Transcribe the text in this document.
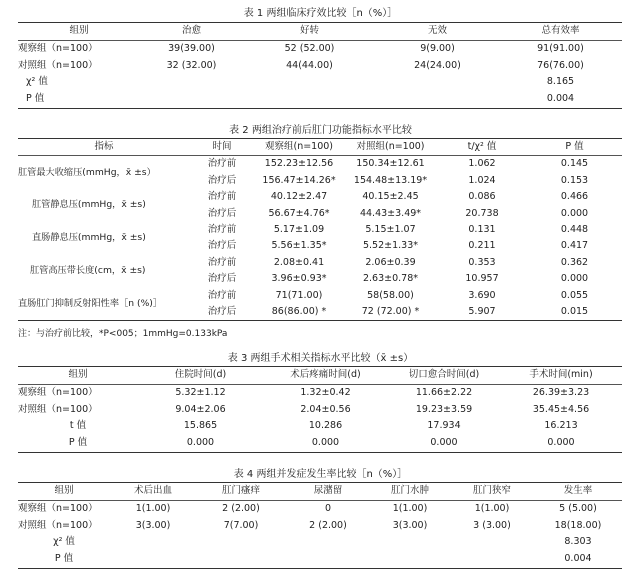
表 1 两组临床疗效比较［n（%）］
组别	治愈	好转	无效	总有效率
观察组（n=100）	39(39.00)	52 (52.00)	9(9.00)	91(91.00)
对照组（n=100）	32 (32.00)	44(44.00)	24(24.00)	76(76.00)
χ² 值				8.165
P 值				0.004
表 2 两组治疗前后肛门功能指标水平比较
指标	时间	观察组(n=100)	对照组(n=100)	t/χ² 值	P 值
肛管最大收缩压(mmHg，x̄ ±s）	治疗前	152.23±12.56	150.34±12.61	1.062	0.145
	治疗后	156.47±14.26*	154.48±13.19*	1.024	0.153
肛管静息压(mmHg，x̄ ±s)	治疗前	40.12±2.47	40.15±2.45	0.086	0.466
	治疗后	56.67±4.76*	44.43±3.49*	20.738	0.000
直肠静息压(mmHg，x̄ ±s)	治疗前	5.17±1.09	5.15±1.07	0.131	0.448
	治疗后	5.56±1.35*	5.52±1.33*	0.211	0.417
肛管高压带长度(cm，x̄ ±s)	治疗前	2.08±0.41	2.06±0.39	0.353	0.362
	治疗后	3.96±0.93*	2.63±0.78*	10.957	0.000
直肠肛门抑制反射阳性率［n (%)］	治疗前	71(71.00)	58(58.00)	3.690	0.055
	治疗后	86(86.00) *	72 (72.00) *	5.907	0.015
注：与治疗前比较，*P<005；1mmHg=0.133kPa
表 3 两组手术相关指标水平比较（x̄ ±s）
组别	住院时间(d)	术后疼痛时间(d)	切口愈合时间(d)	手术时间(min)
观察组（n=100）	5.32±1.12	1.32±0.42	11.66±2.22	26.39±3.23
对照组（n=100）	9.04±2.06	2.04±0.56	19.23±3.59	35.45±4.56
t 值	15.865	10.286	17.934	16.213
P 值	0.000	0.000	0.000	0.000
表 4 两组并发症发生率比较［n（%）］
组别	术后出血	肛门瘙痒	尿潴留	肛门水肿	肛门狭窄	发生率
观察组（n=100）	1(1.00)	2 (2.00)	0	1(1.00)	1(1.00)	5 (5.00)
对照组（n=100）	3(3.00)	7(7.00)	2 (2.00)	3(3.00)	3 (3.00)	18(18.00)
χ² 值						8.303
P 值						0.004
